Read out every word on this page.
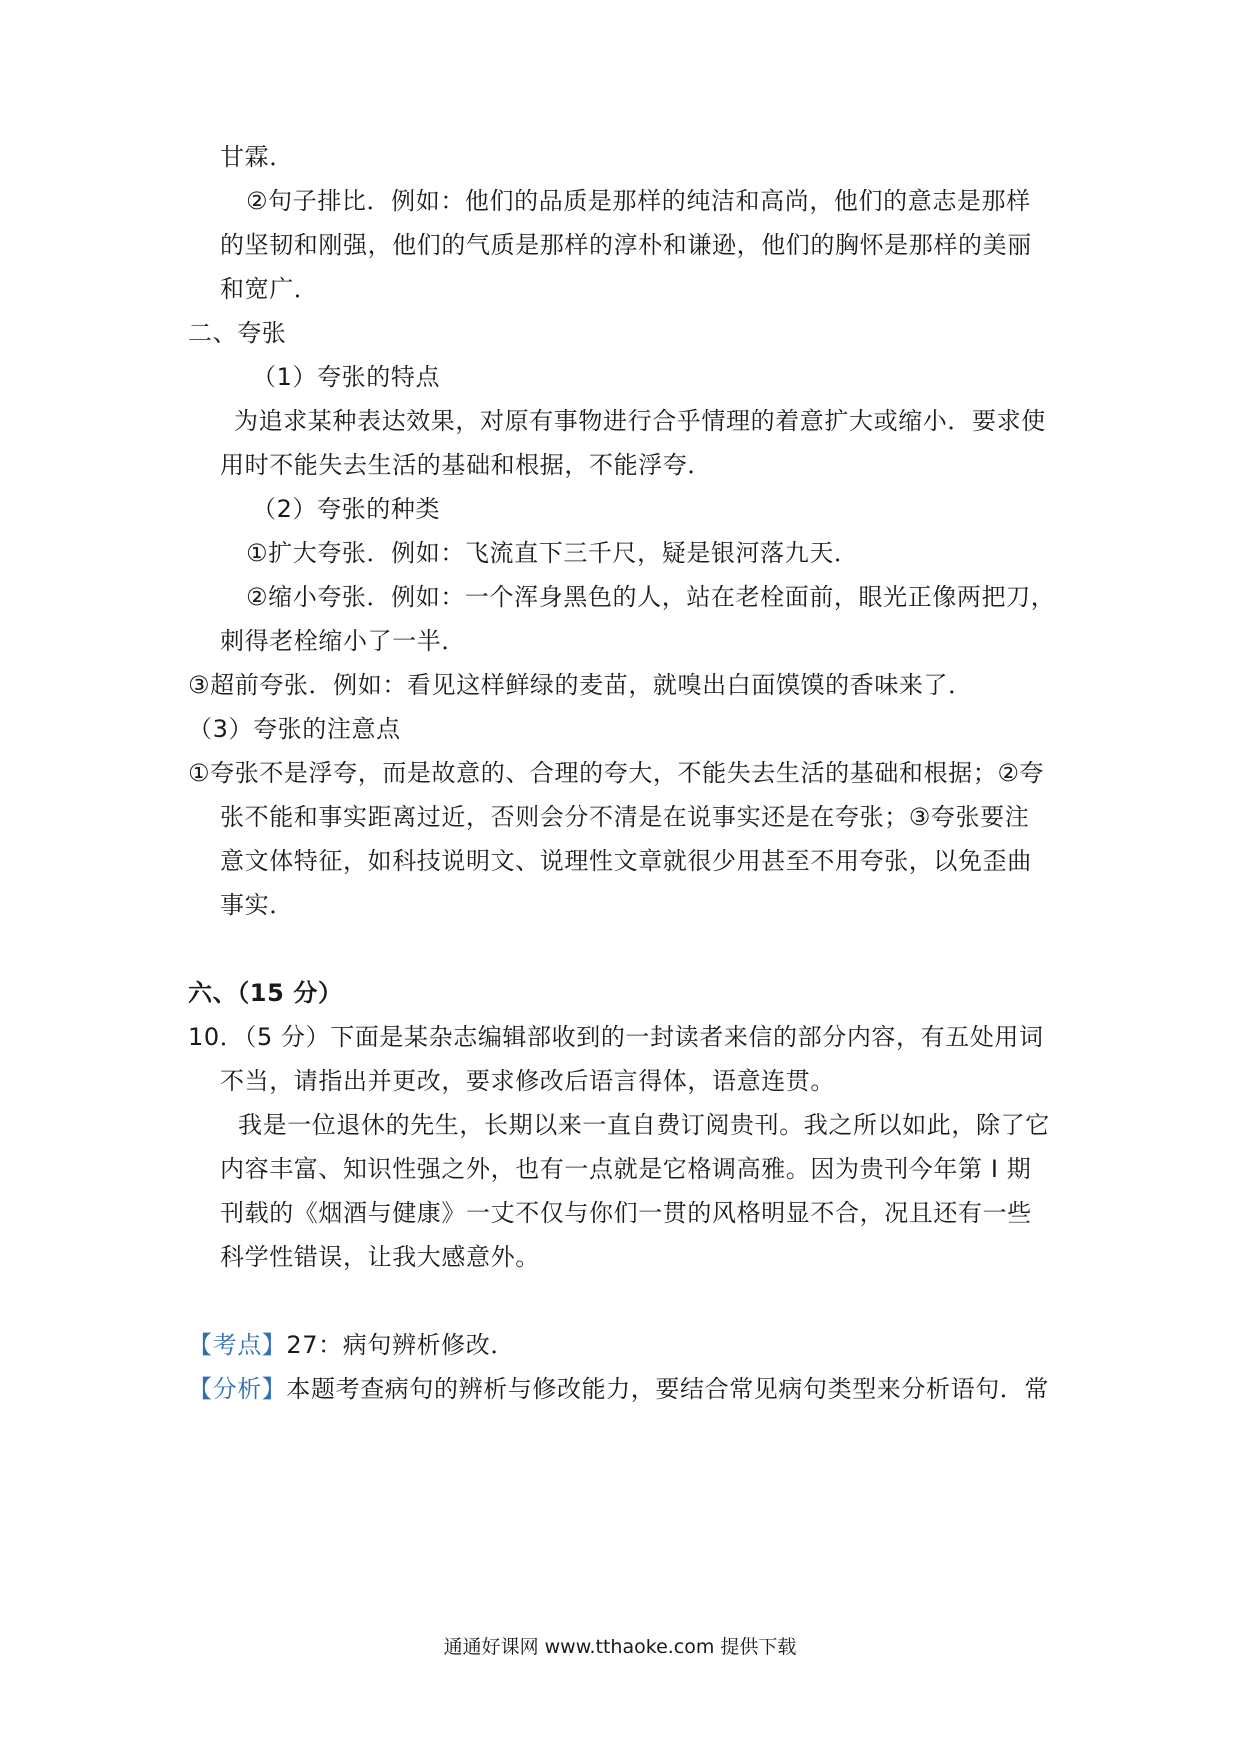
甘霖．
②句子排比．例如：他们的品质是那样的纯洁和高尚，他们的意志是那样
的坚韧和刚强，他们的气质是那样的淳朴和谦逊，他们的胸怀是那样的美丽
和宽广．
二、夸张
（1）夸张的特点
为追求某种表达效果，对原有事物进行合乎情理的着意扩大或缩小．要求使
用时不能失去生活的基础和根据，不能浮夸．
（2）夸张的种类
①扩大夸张．例如：飞流直下三千尺，疑是银河落九天．
②缩小夸张．例如：一个浑身黑色的人，站在老栓面前，眼光正像两把刀，
刺得老栓缩小了一半．
③超前夸张．例如：看见这样鲜绿的麦苗，就嗅出白面馍馍的香味来了．
（3）夸张的注意点
①夸张不是浮夸，而是故意的、合理的夸大，不能失去生活的基础和根据；②夸
张不能和事实距离过近，否则会分不清是在说事实还是在夸张；③夸张要注
意文体特征，如科技说明文、说理性文章就很少用甚至不用夸张，以免歪曲
事实．
六、（15 分）
10．（5 分）下面是某杂志编辑部收到的一封读者来信的部分内容，有五处用词
不当，请指出并更改，要求修改后语言得体，语意连贯。
我是一位退休的先生，长期以来一直自费订阅贵刊。我之所以如此，除了它
内容丰富、知识性强之外，也有一点就是它格调高雅。因为贵刊今年第 I 期
刊载的《烟酒与健康》一丈不仅与你们一贯的风格明显不合，况且还有一些
科学性错误，让我大感意外。
【考点】27：病句辨析修改．
【分析】本题考查病句的辨析与修改能力，要结合常见病句类型来分析语句．常
通通好课网 www.tthaoke.com 提供下载
